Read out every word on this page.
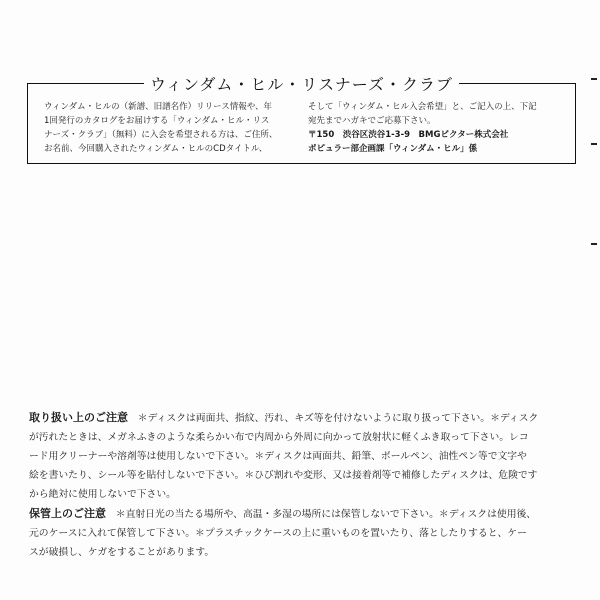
ウィンダム・ヒル・リスナーズ・クラブ
ウィンダム・ヒルの（新譜、旧譜名作）リリース情報や、年
1回発行のカタログをお届けする「ウィンダム・ヒル・リス
ナーズ・クラブ」（無料）に入会を希望される方は、ご住所、
お名前、今回購入されたウィンダム・ヒルのCDタイトル、
そして「ウィンダム・ヒル入会希望」と、ご記入の上、下記
宛先までハガキでご応募下さい。
〒150　渋谷区渋谷1-3-9　BMGビクター株式会社
ポピュラー部企画課「ウィンダム・ヒル」係

取り扱い上のご注意　 ＊ディスクは両面共、指紋、汚れ、キズ等を付けないように取り扱って下さい。＊ディスク
が汚れたときは、メガネふきのような柔らかい布で内周から外周に向かって放射状に軽くふき取って下さい。レコ
ード用クリーナーや溶剤等は使用しないで下さい。＊ディスクは両面共、鉛筆、ボールペン、油性ペン等で文字や
絵を書いたり、シール等を貼付しないで下さい。＊ひび割れや変形、又は接着剤等で補修したディスクは、危険です
から絶対に使用しないで下さい。

保管上のご注意　 ＊直射日光の当たる場所や、高温・多湿の場所には保管しないで下さい。＊ディスクは使用後、
元のケースに入れて保管して下さい。＊プラスチックケースの上に重いものを置いたり、落としたりすると、ケー
スが破損し、ケガをすることがあります。
